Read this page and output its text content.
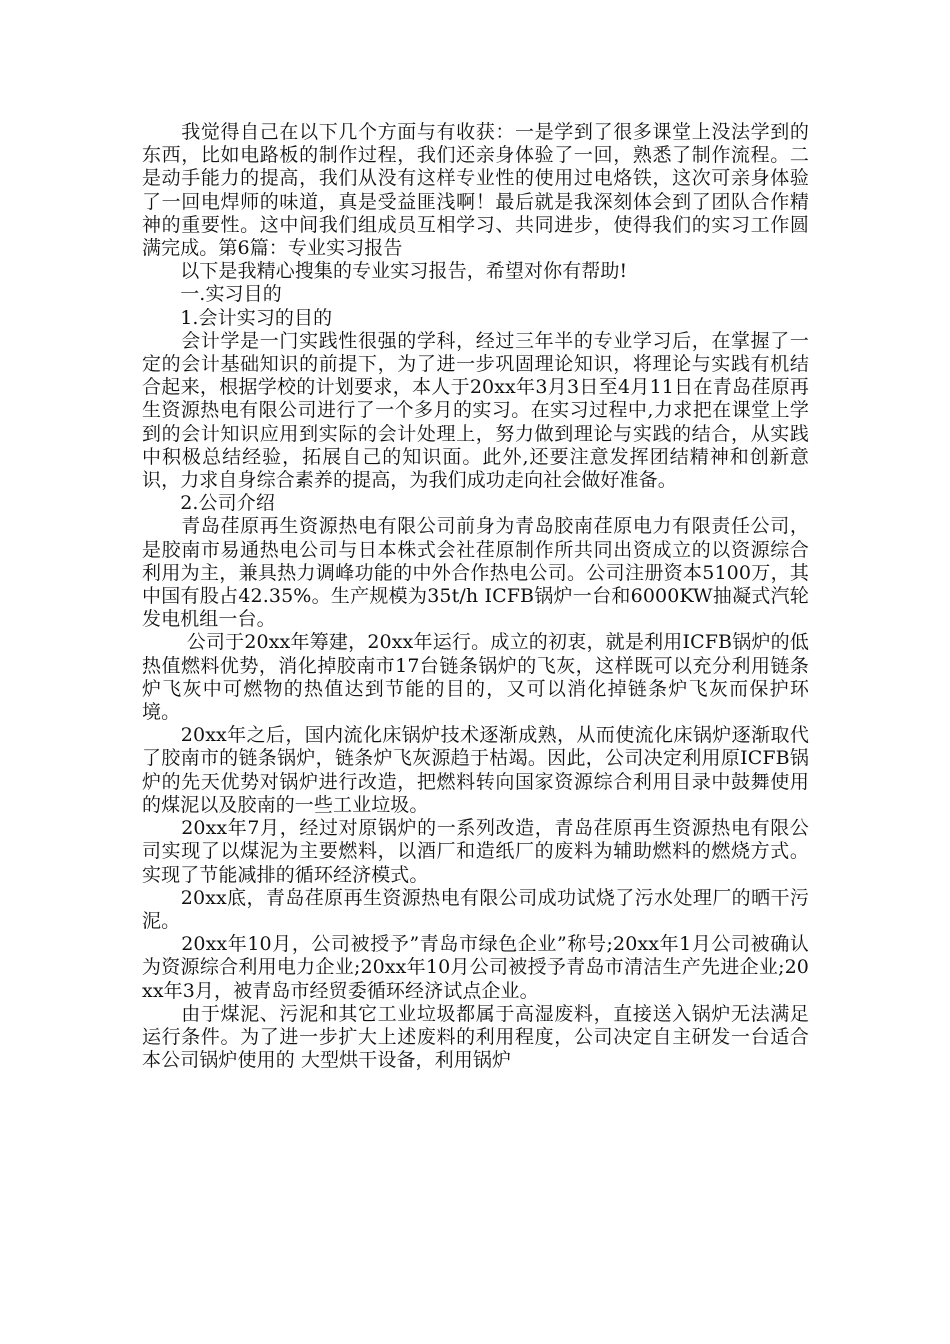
　　我觉得自己在以下几个方面与有收获：一是学到了很多课堂上没法学到的东西，比如电路板的制作过程，我们还亲身体验了一回，熟悉了制作流程。二是动手能力的提高，我们从没有这样专业性的使用过电烙铁，这次可亲身体验了一回电焊师的味道，真是受益匪浅啊！最后就是我深刻体会到了团队合作精神的重要性。这中间我们组成员互相学习、共同进步，使得我们的实习工作圆满完成。第6篇：专业实习报告

　　以下是我精心搜集的专业实习报告，希望对你有帮助!

　　一.实习目的

　　1.会计实习的目的

　　会计学是一门实践性很强的学科，经过三年半的专业学习后，在掌握了一定的会计基础知识的前提下，为了进一步巩固理论知识，将理论与实践有机结合起来，根据学校的计划要求，本人于20xx年3月3日至4月11日在青岛荏原再生资源热电有限公司进行了一个多月的实习。在实习过程中,力求把在课堂上学到的会计知识应用到实际的会计处理上，努力做到理论与实践的结合，从实践中积极总结经验，拓展自己的知识面。此外,还要注意发挥团结精神和创新意识，力求自身综合素养的提高，为我们成功走向社会做好准备。

　　2.公司介绍

　　青岛荏原再生资源热电有限公司前身为青岛胶南荏原电力有限责任公司，是胶南市易通热电公司与日本株式会社荏原制作所共同出资成立的以资源综合利用为主，兼具热力调峰功能的中外合作热电公司。公司注册资本5100万，其中国有股占42.35%。生产规模为35t/h ICFB锅炉一台和6000KW抽凝式汽轮发电机组一台。

　　 公司于20xx年筹建，20xx年运行。成立的初衷，就是利用ICFB锅炉的低热值燃料优势，消化掉胶南市17台链条锅炉的飞灰，这样既可以充分利用链条炉飞灰中可燃物的热值达到节能的目的，又可以消化掉链条炉飞灰而保护环境。

　　20xx年之后，国内流化床锅炉技术逐渐成熟，从而使流化床锅炉逐渐取代了胶南市的链条锅炉，链条炉飞灰源趋于枯竭。因此，公司决定利用原ICFB锅炉的先天优势对锅炉进行改造，把燃料转向国家资源综合利用目录中鼓舞使用的煤泥以及胶南的一些工业垃圾。

　　20xx年7月，经过对原锅炉的一系列改造，青岛荏原再生资源热电有限公司实现了以煤泥为主要燃料，以酒厂和造纸厂的废料为辅助燃料的燃烧方式。实现了节能减排的循环经济模式。

　　20xx底，青岛荏原再生资源热电有限公司成功试烧了污水处理厂的晒干污泥。

　　20xx年10月，公司被授予”青岛市绿色企业”称号;20xx年1月公司被确认为资源综合利用电力企业;20xx年10月公司被授予青岛市清洁生产先进企业;20xx年3月，被青岛市经贸委循环经济试点企业。

　　由于煤泥、污泥和其它工业垃圾都属于高湿废料，直接送入锅炉无法满足运行条件。为了进一步扩大上述废料的利用程度，公司决定自主研发一台适合本公司锅炉使用的 大型烘干设备，利用锅炉
